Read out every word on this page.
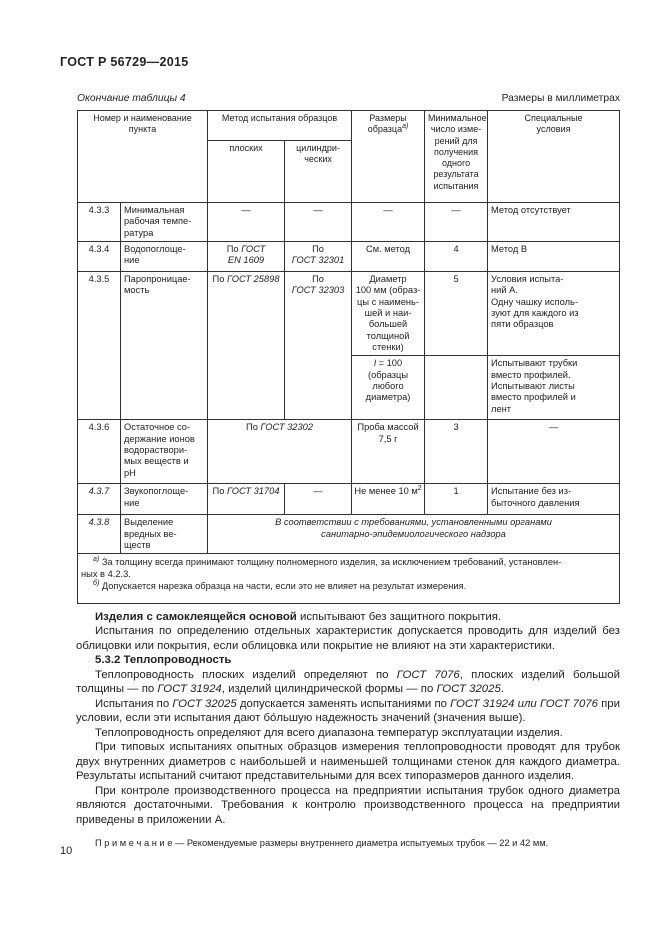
ГОСТ Р 56729—2015
Окончание таблицы 4	Размеры в миллиметрах
Номер и наименование пункта	Метод испытания образцов	Размеры
образца$^{а)}$	Минимальное
число изме-
рений для
получения
одного
результата
испытания	Специальные
условия
		плоских	цилиндри-
ческих			
4.3.3	Минимальная
рабочая темпе-
ратура	—	—	—	—	Метод отсутствует
4.3.4	Водопоглоще-
ние	По ГОСТ
EN 1609	По
ГОСТ 32301	См. метод	4	Метод В
4.3.5	Паропроницае-
мость	По ГОСТ 25898	По
ГОСТ 32303	Диаметр
100 мм (образ-
цы с наимень-
шей и наи-
большей
толщиной
стенки)	5	Условия испыта-
ний А.
Одну чашку исполь-
зуют для каждого из
пяти образцов
				l = 100
(образцы
любого
диаметра)		Испытывают трубки
вместо профилей.
Испытывают листы
вместо профилей и
лент
4.3.6	Остаточное со-
держание ионов
водораствори-
мых веществ и
pH	По ГОСТ 32302		Проба массой
7,5 г	3	—
4.3.7	Звукопоглоще-
ние	По ГОСТ 31704	—	Не менее 10 $м^2$	1	Испытание без из-
быточного давления
4.3.8	Выделение
вредных ве-
ществ	В соответствии с требованиями, установленными органами
санитарно-эпидемиологического надзора				

$^{а)}$ За толщину всегда принимают толщину полномерного изделия, за исключением требований, установлен-
ных в 4.2.3.

$^{б)}$ Допускается нарезка образца на части, если это не влияет на результат измерения.						

Изделия с самоклеящейся основой испытывают без защитного покрытия.

Испытания по определению отдельных характеристик допускается проводить для изделий без облицовки или покрытия, если облицовка или покрытие не влияют на эти характеристики.

5.3.2 Теплопроводность

Теплопроводность плоских изделий определяют по ГОСТ 7076, плоских изделий большой толщины — по ГОСТ 31924, изделий цилиндрической формы — по ГОСТ 32025.

Испытания по ГОСТ 32025 допускается заменять испытаниями по ГОСТ 31924 или ГОСТ 7076 при условии, если эти испытания дают бо́льшую надежность значений (значения выше).

Теплопроводность определяют для всего диапазона температур эксплуатации изделия.

При типовых испытаниях опытных образцов измерения теплопроводности проводят для трубок двух внутренних диаметров с наибольшей и наименьшей толщинами стенок для каждого диаметра. Результаты испытаний считают представительными для всех типоразмеров данного изделия.

При контроле производственного процесса на предприятии испытания трубок одного диаметра являются достаточными. Требования к контролю производственного процесса на предприятии приведены в приложении А.

П р и м е ч а н и е — Рекомендуемые размеры внутреннего диаметра испытуемых трубок — 22 и 42 мм.

10
